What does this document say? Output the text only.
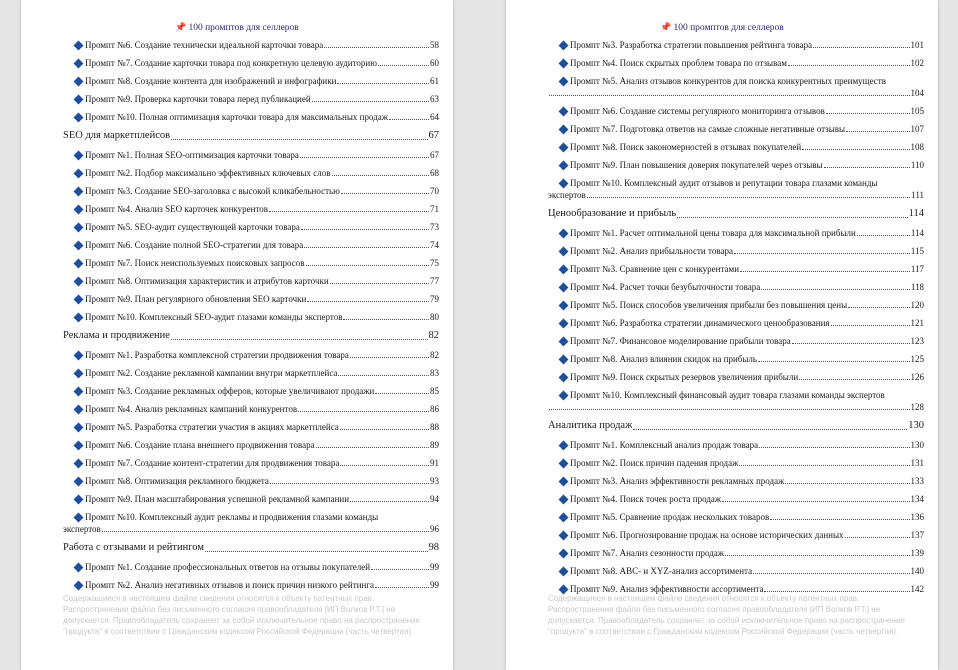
📌 100 промптов для селлеров
Промпт №6. Создание технически идеальной карточки товара	58
Промпт №7. Создание карточки товара под конкретную целевую аудиторию	60
Промпт №8. Создание контента для изображений и инфографики	61
Промпт №9. Проверка карточки товара перед публикацией	63
Промпт №10. Полная оптимизация карточки товара для максимальных продаж	64
SEO для маркетплейсов	67
Промпт №1. Полная SEO-оптимизация карточки товара	67
Промпт №2. Подбор максимально эффективных ключевых слов	68
Промпт №3. Создание SEO-заголовка с высокой кликабельностью	70
Промпт №4. Анализ SEO карточек конкурентов	71
Промпт №5. SEO-аудит существующей карточки товара	73
Промпт №6. Создание полной SEO-стратегии для товара	74
Промпт №7. Поиск неиспользуемых поисковых запросов	75
Промпт №8. Оптимизация характеристик и атрибутов карточки	77
Промпт №9. План регулярного обновления SEO карточки	79
Промпт №10. Комплексный SEO-аудит глазами команды экспертов	80
Реклама и продвижение	82
Промпт №1. Разработка комплексной стратегии продвижения товара	82
Промпт №2. Создание рекламной кампании внутри маркетплейса	83
Промпт №3. Создание рекламных офферов, которые увеличивают продажи	85
Промпт №4. Анализ рекламных кампаний конкурентов	86
Промпт №5. Разработка стратегии участия в акциях маркетплейса	88
Промпт №6. Создание плана внешнего продвижения товара	89
Промпт №7. Создание контент-стратегии для продвижения товара	91
Промпт №8. Оптимизация рекламного бюджета	93
Промпт №9. План масштабирования успешной рекламной кампании	94
Промпт №10. Комплексный аудит рекламы и продвижения глазами команды
экспертов	96
Работа с отзывами и рейтингом	98
Промпт №1. Создание профессиональных ответов на отзывы покупателей	99
Промпт №2. Анализ негативных отзывов и поиск причин низкого рейтинга	99
Содержащиеся в настоящем файле сведения относятся к объекту патентных прав. Распространение файла без письменного согласия правообладателя [ИП Волков Р.Т.] не допускается. Правообладатель сохраняет за собой исключительное право на распространение "продукта" в соответствии с Гражданским кодексом Российской Федерации (часть четвертая).
📌 100 промптов для селлеров
Промпт №3. Разработка стратегии повышения рейтинга товара	101
Промпт №4. Поиск скрытых проблем товара по отзывам	102
Промпт №5. Анализ отзывов конкурентов для поиска конкурентных преимуществ
104
Промпт №6. Создание системы регулярного мониторинга отзывов	105
Промпт №7. Подготовка ответов на самые сложные негативные отзывы	107
Промпт №8. Поиск закономерностей в отзывах покупателей	108
Промпт №9. План повышения доверия покупателей через отзывы	110
Промпт №10. Комплексный аудит отзывов и репутации товара глазами команды
экспертов	111
Ценообразование и прибыль	114
Промпт №1. Расчет оптимальной цены товара для максимальной прибыли	114
Промпт №2. Анализ прибыльности товара	115
Промпт №3. Сравнение цен с конкурентами	117
Промпт №4. Расчет точки безубыточности товара	118
Промпт №5. Поиск способов увеличения прибыли без повышения цены	120
Промпт №6. Разработка стратегии динамического ценообразования	121
Промпт №7. Финансовое моделирование прибыли товара	123
Промпт №8. Анализ влияния скидок на прибыль	125
Промпт №9. Поиск скрытых резервов увеличения прибыли	126
Промпт №10. Комплексный финансовый аудит товара глазами команды экспертов
128
Аналитика продаж	130
Промпт №1. Комплексный анализ продаж товара	130
Промпт №2. Поиск причин падения продаж	131
Промпт №3. Анализ эффективности рекламных продаж	133
Промпт №4. Поиск точек роста продаж	134
Промпт №5. Сравнение продаж нескольких товаров	136
Промпт №6. Прогнозирование продаж на основе исторических данных	137
Промпт №7. Анализ сезонности продаж	139
Промпт №8. ABC- и XYZ-анализ ассортимента	140
Промпт №9. Анализ эффективности ассортимента	142
Содержащиеся в настоящем файле сведения относятся к объекту патентных прав. Распространение файла без письменного согласия правообладателя [ИП Волков Р.Т.] не допускается. Правообладатель сохраняет за собой исключительное право на распространение "продукта" в соответствии с Гражданским кодексом Российской Федерации (часть четвертая).
